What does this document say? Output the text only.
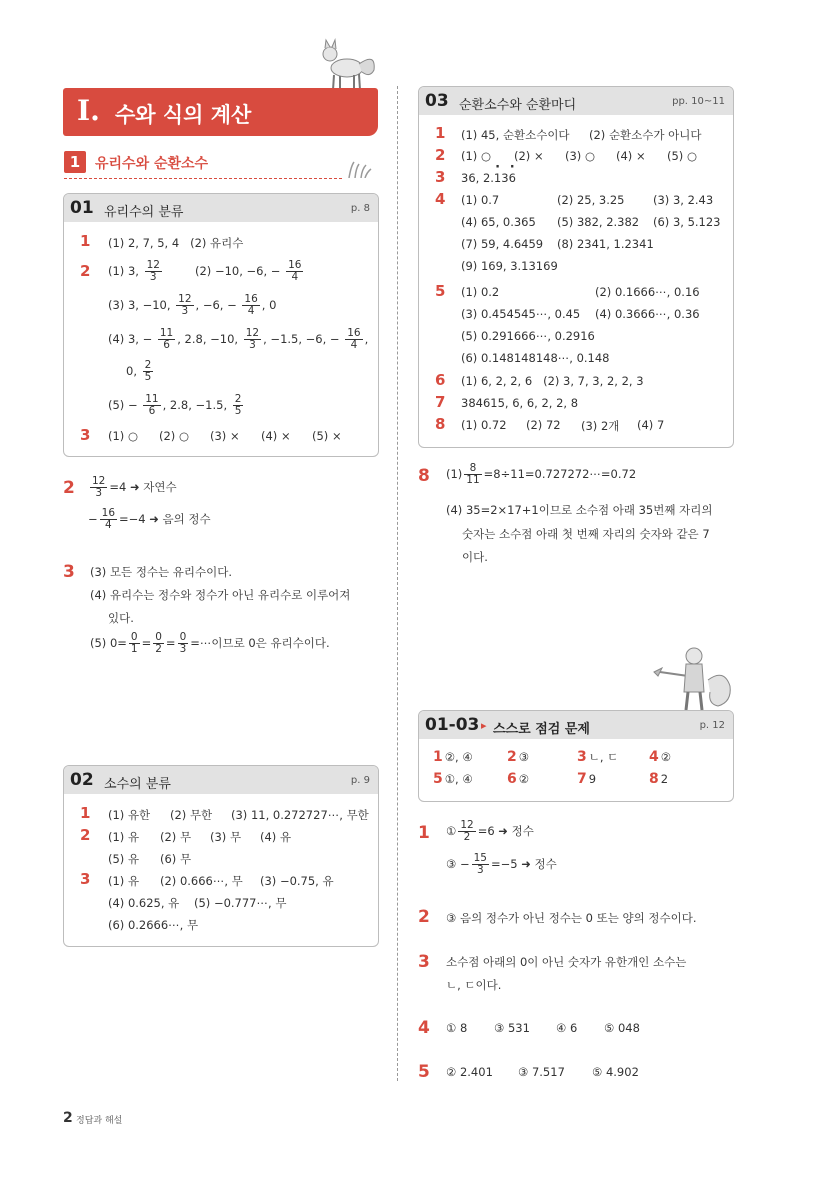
Ⅰ. 수와 식의 계산
1	유리수와 순환소수
01 유리수의 분류	p. 8
1 (1) 2, 7, 5, 4   (2) 유리수
2 (1) 3, $\frac{12}{3}$	(2) −10, −6, − $\frac{16}{4}$
(3) 3, −10, $\frac{12}{3}$ , −6, − $\frac{16}{4}$ , 0
(4) 3, − $\frac{11}{6}$ , 2.8, −10, $\frac{12}{3}$ , −1.5, −6, − $\frac{16}{4}$ ,
0, $\frac{2}{5}$
$(5) - \frac{11}{6}$ , 2.8, −1.5, $\frac{2}{5}$
3 (1) ○ (2) ○ (3) × (4) × (5) ×
$2 \frac{12}{3} =4$ ➜ 자연수
− $\frac{16}{4} =-4$ ➜ 음의 정수
3 (3) 모든 정수는 유리수이다.
(4) 유리수는 정수와 정수가 아닌 유리수로 이루어져
있다.
(5) $0= \frac{0}{1} = \frac{0}{2} = \frac{0}{3}$ =⋯이므로 0은 유리수이다.
02 소수의 분류	p. 9
1 (1) 유한 (2) 무한 (3) 11, 0.272727⋯, 무한
2 (1) 유 (2) 무 (3) 무 (4) 유
(5) 유 (6) 무
3 (1) 유 (2) 0.666⋯, 무 (3) −0.75, 유
(4) 0.625, 유 (5) −0.777⋯, 무
(6) 0.2666⋯, 무
03 순환소수와 순환마디	pp. 10~11
1 (1) 45, 순환소수이다 (2) 순환소수가 아니다
2 (1) ○ (2) × (3) ○ (4) × (5) ○
3 36, 2.· 13· 6
4 (1) 0.7	(2) 25, 3.25 (3) 3, 2.43
(4) 65, 0.365 (5) 382, 2.382 (6) 3, 5.123
(7) 59, 4.6459 (8) 2341, 1.2341
(9) 169, 3.13169
5 (1) 0.2	(2) 0.1666⋯, 0.16
(3) 0.454545⋯, 0.45 (4) 0.3666⋯, 0.36
(5) 0.291666⋯, 0.2916
(6) 0.148148148⋯, 0.148
6 (1) 6, 2, 2, 6   (2) 3, 7, 3, 2, 2, 3
7 384615, 6, 6, 2, 2, 8
8 (1) 0.72 (2) 72 (3) 2개 (4) 7
8 $(1) \frac{8}{11}$ =8÷11=0.727272⋯=0.72
(4) 35=2×17+1이므로 소수점 아래 35번째 자리의
숫자는 소수점 아래 첫 번째 자리의 숫자와 같은 7
이다.
01-03 ▸ 스스로 점검 문제	p. 12
1 ②, ④ 2 ③	3 ㄴ, ㄷ 4 ②
5 ①, ④ 6 ②	7 9	8 2
1 ① $\frac{12}{2} =6$ ➜ 정수
③ − $\frac{15}{3} =-5$ ➜ 정수
2 ③ 음의 정수가 아닌 정수는 0 또는 양의 정수이다.
3 소수점 아래의 0이 아닌 숫자가 유한개인 소수는
ㄴ, ㄷ이다.
4 ① 8 ③ 531 ④ 6 ⑤ 048
5 ② 2.401 ③ 7.517 ⑤ 4.902
2 정답과 해설
